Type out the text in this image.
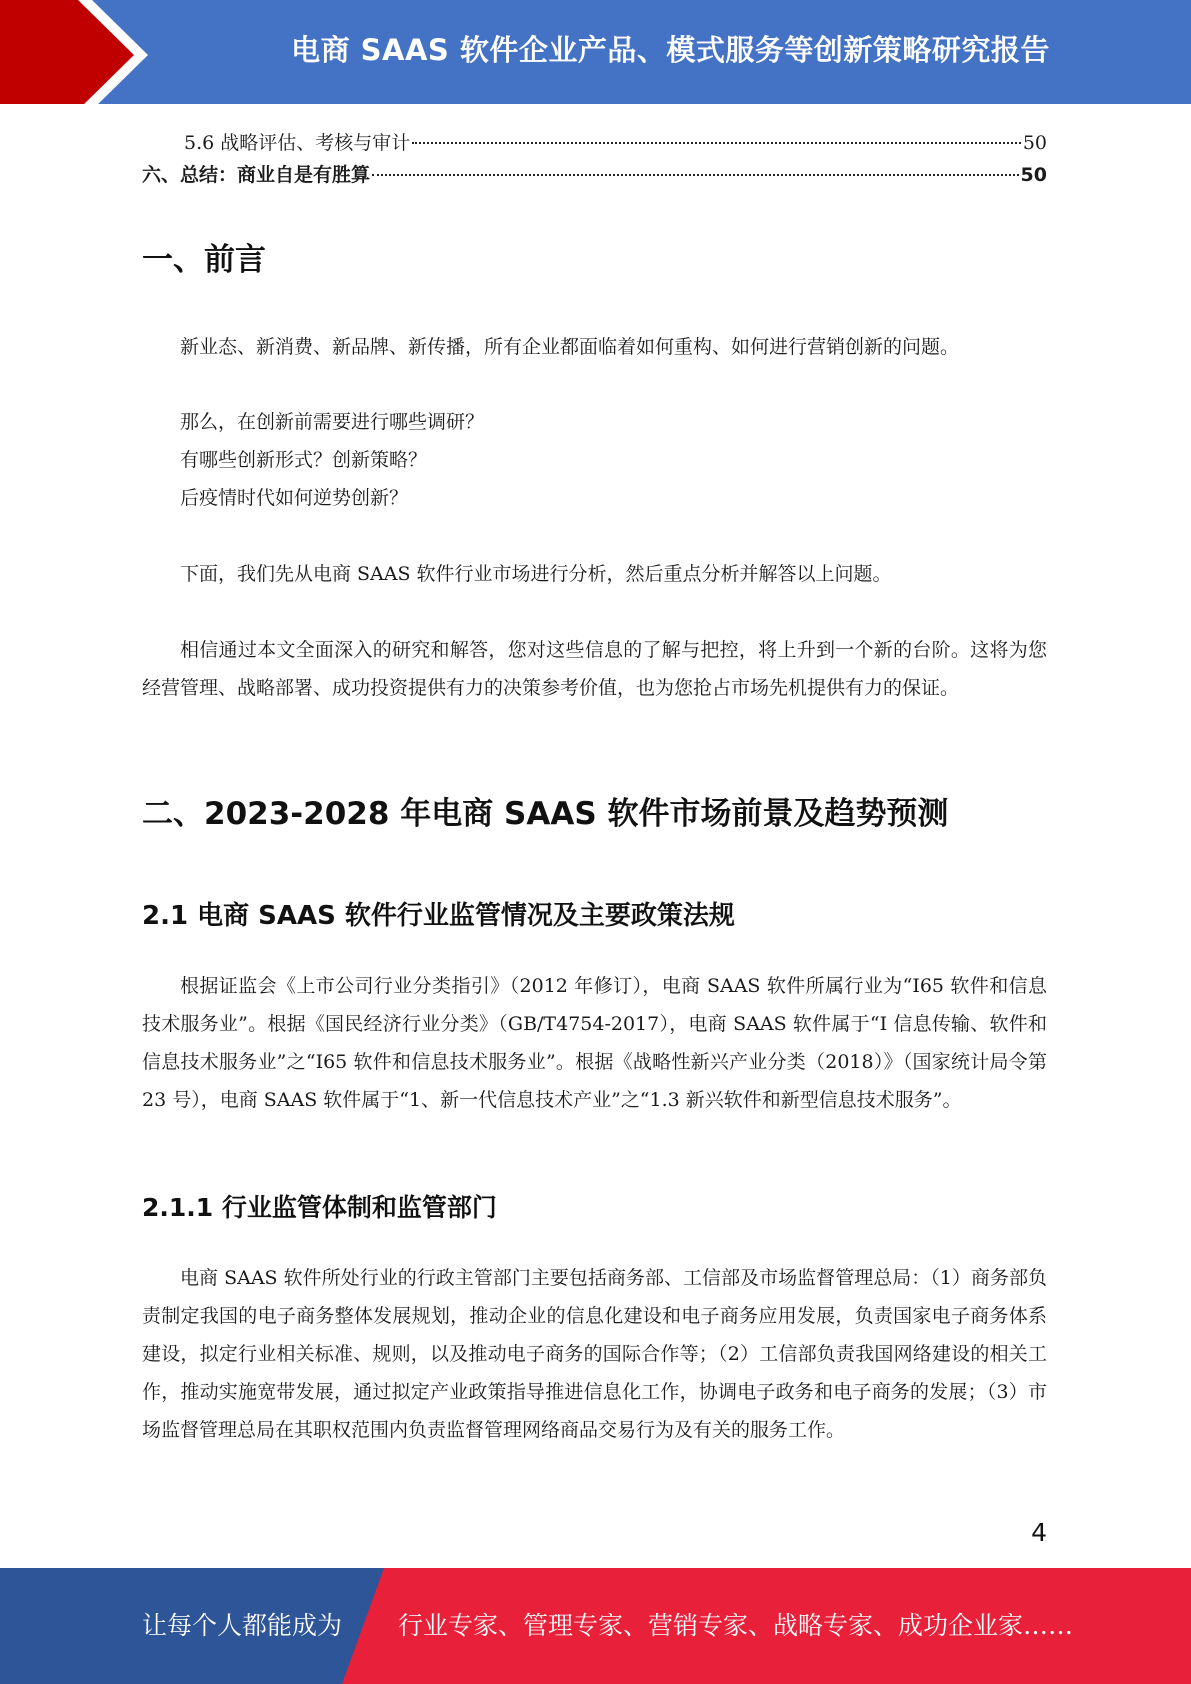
电商 SAAS 软件企业产品、模式服务等创新策略研究报告
5.6 战略评估、考核与审计	50
六、总结：商业自是有胜算	50
一、前言

新业态、新消费、新品牌、新传播，所有企业都面临着如何重构、如何进行营销创新的问题。

那么，在创新前需要进行哪些调研？

有哪些创新形式？创新策略？

后疫情时代如何逆势创新？

下面，我们先从电商 SAAS 软件行业市场进行分析，然后重点分析并解答以上问题。

相信通过本文全面深入的研究和解答，您对这些信息的了解与把控，将上升到一个新的台阶。这将为您经营管理、战略部署、成功投资提供有力的决策参考价值，也为您抢占市场先机提供有力的保证。

二、2023-2028 年电商 SAAS 软件市场前景及趋势预测
2.1 电商 SAAS 软件行业监管情况及主要政策法规

根据证监会《上市公司行业分类指引》（2012 年修订），电商 SAAS 软件所属行业为“I65 软件和信息技术服务业”。根据《国民经济行业分类》（GB/T4754-2017），电商 SAAS 软件属于“I 信息传输、软件和信息技术服务业”之“I65 软件和信息技术服务业”。根据《战略性新兴产业分类（2018）》（国家统计局令第 23 号），电商 SAAS 软件属于“1、新一代信息技术产业”之“1.3 新兴软件和新型信息技术服务”。

2.1.1 行业监管体制和监管部门

电商 SAAS 软件所处行业的行政主管部门主要包括商务部、工信部及市场监督管理总局：（1）商务部负责制定我国的电子商务整体发展规划，推动企业的信息化建设和电子商务应用发展，负责国家电子商务体系建设，拟定行业相关标准、规则，以及推动电子商务的国际合作等；（2）工信部负责我国网络建设的相关工作，推动实施宽带发展，通过拟定产业政策指导推进信息化工作，协调电子政务和电子商务的发展；（3）市场监督管理总局在其职权范围内负责监督管理网络商品交易行为及有关的服务工作。

4
让每个人都能成为 行业专家、管理专家、营销专家、战略专家、成功企业家……
